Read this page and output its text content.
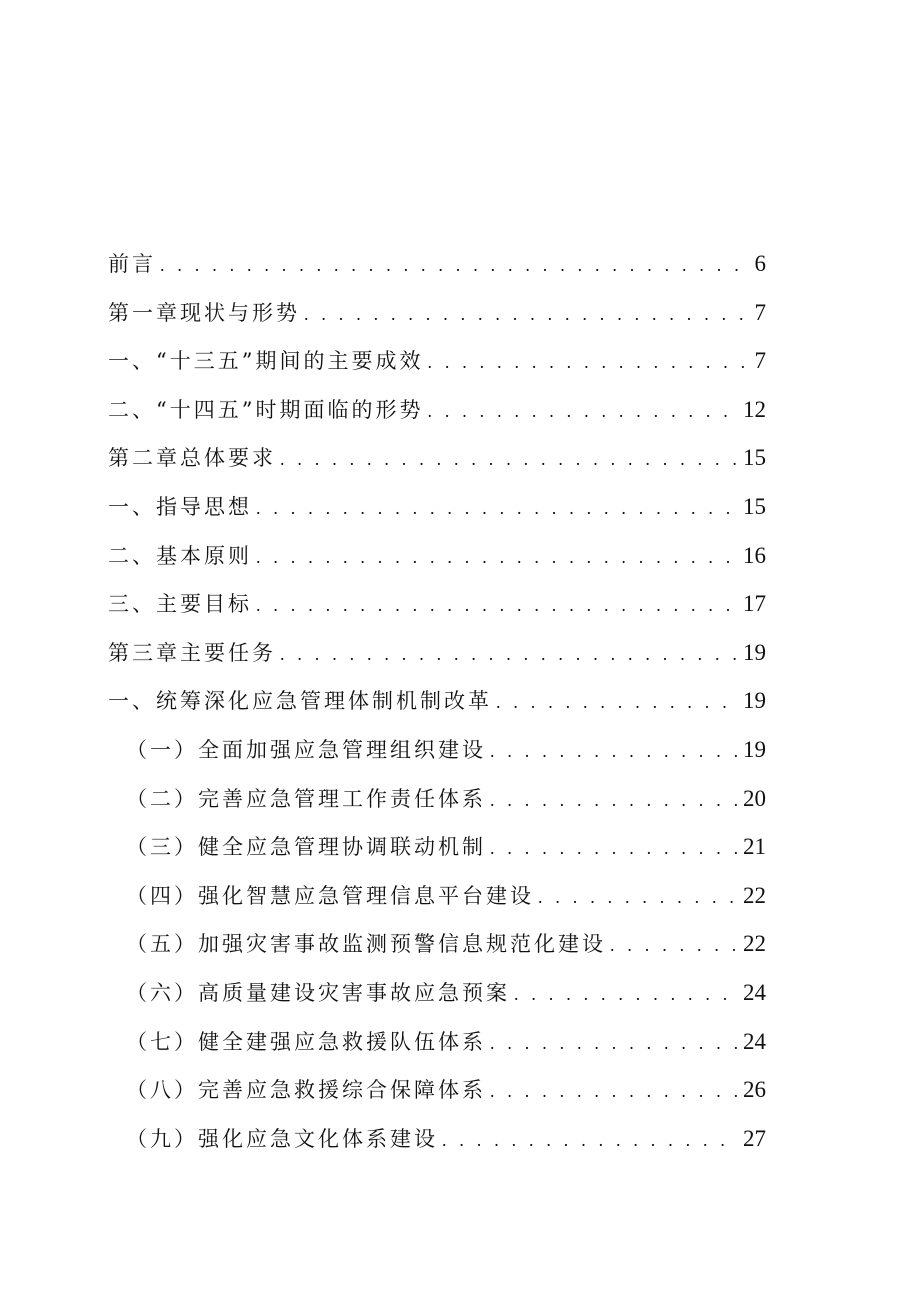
前言 . . .	6
第一章现状与形势 . . .	7
一、“十三五”期间的主要成效 . . .	7
二、“十四五”时期面临的形势 . . .	12
第二章总体要求 . . .	15
一、指导思想 . . .	15
二、基本原则 . . .	16
三、主要目标 . . .	17
第三章主要任务 . . .	19
一、统筹深化应急管理体制机制改革 . . .	19
（一）全面加强应急管理组织建设 . . .	19
（二）完善应急管理工作责任体系 . . .	20
（三）健全应急管理协调联动机制 . . .	21
（四）强化智慧应急管理信息平台建设 . . .	22
（五）加强灾害事故监测预警信息规范化建设 . . .	22
（六）高质量建设灾害事故应急预案 . . .	24
（七）健全建强应急救援队伍体系 . . .	24
（八）完善应急救援综合保障体系 . . .	26
（九）强化应急文化体系建设 . . .	27
